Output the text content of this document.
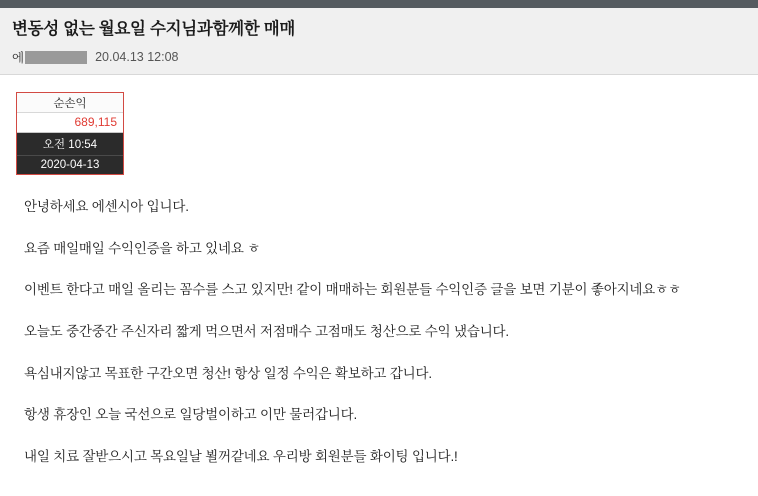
변동성 없는 월요일 수지님과함께한 매매
에	20.04.13 12:08
순손익
689,115
오전 10:54
2020-04-13

안녕하세요 에센시아 입니다.

요즘 매일매일 수익인증을 하고 있네요 ㅎ

이벤트 한다고 매일 올리는 꼼수를 스고 있지만! 같이 매매하는 회원분들 수익인증 글을 보면 기분이 좋아지네요ㅎㅎ

오늘도 중간중간 주신자리 짧게 먹으면서 저점매수 고점매도 청산으로 수익 냈습니다.

욕심내지않고 목표한 구간오면 청산! 항상 일정 수익은 확보하고 갑니다.

항생 휴장인 오늘 국선으로 일당벌이하고 이만 물러갑니다.

내일 치료 잘받으시고 목요일날 뵐꺼같네요 우리방 회원분들 화이팅 입니다.!
